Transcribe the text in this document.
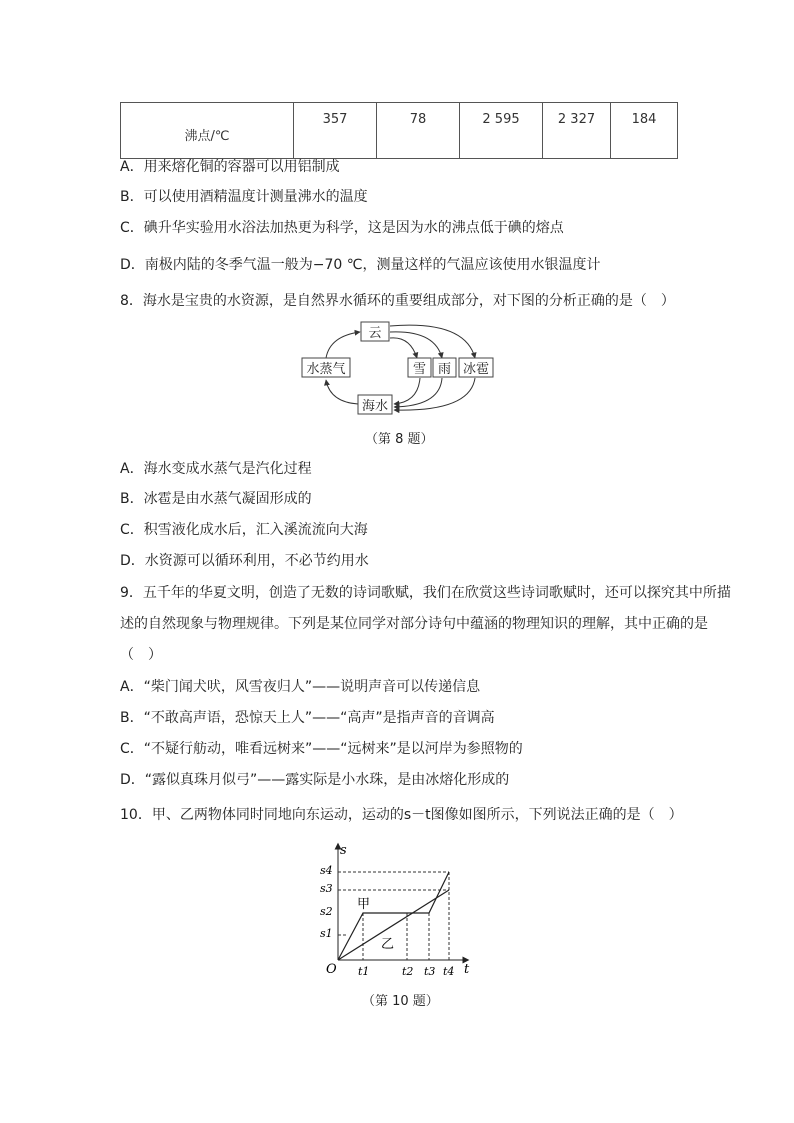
沸点/℃	357	78	2 595	2 327	184
A．用来熔化铜的容器可以用铝制成
B．可以使用酒精温度计测量沸水的温度
C．碘升华实验用水浴法加热更为科学，这是因为水的沸点低于碘的熔点
D．南极内陆的冬季气温一般为−70 ℃，测量这样的气温应该使用水银温度计
8．海水是宝贵的水资源，是自然界水循环的重要组成部分，对下图的分析正确的是（　）
云
水蒸气	雪 雨 冰雹
海水
（第 8 题）
A．海水变成水蒸气是汽化过程
B．冰雹是由水蒸气凝固形成的
C．积雪液化成水后，汇入溪流流向大海
D．水资源可以循环利用，不必节约用水
9．五千年的华夏文明，创造了无数的诗词歌赋，我们在欣赏这些诗词歌赋时，还可以探究其中所描
述的自然现象与物理规律。下列是某位同学对部分诗句中蕴涵的物理知识的理解，其中正确的是
（　）
A．“柴门闻犬吠，风雪夜归人”——说明声音可以传递信息
B．“不敢高声语，恐惊天上人”——“高声”是指声音的音调高
C．“不疑行舫动，唯看远树来”——“远树来”是以河岸为参照物的
D．“露似真珠月似弓”——露实际是小水珠，是由冰熔化形成的
10．甲、乙两物体同时同地向东运动，运动的s－t图像如图所示，下列说法正确的是（　）
s
t
O
s4
s3
s2
s1
t1	t2 t3 t4
甲
乙
（第 10 题）
